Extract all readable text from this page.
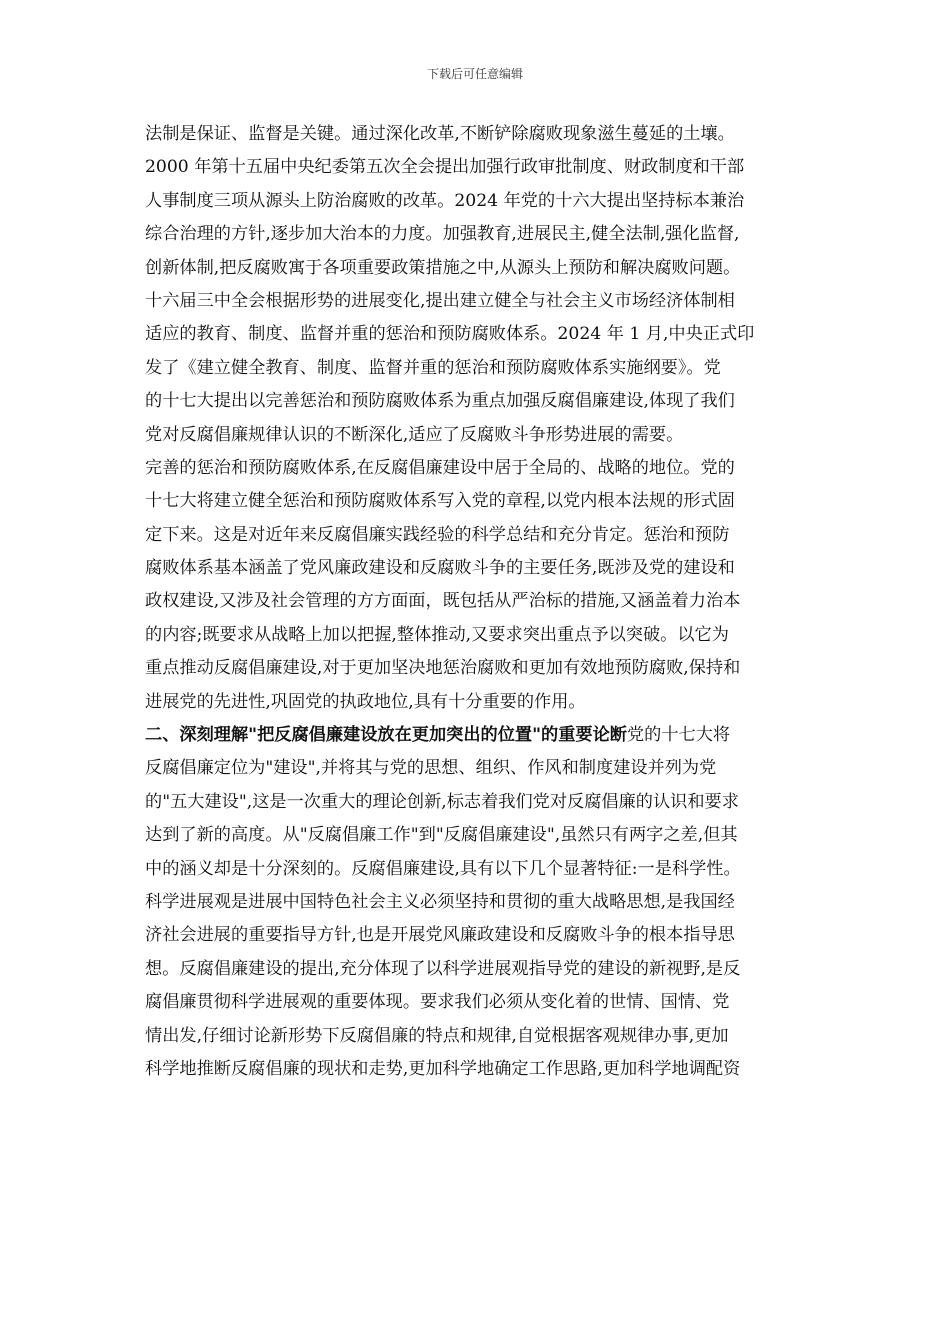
下载后可任意编辑
法制是保证、监督是关键。通过深化改革,不断铲除腐败现象滋生蔓延的土壤。
2000 年第十五届中央纪委第五次全会提出加强行政审批制度、财政制度和干部
人事制度三项从源头上防治腐败的改革。2024 年党的十六大提出坚持标本兼治
综合治理的方针,逐步加大治本的力度。加强教育,进展民主,健全法制,强化监督,
创新体制,把反腐败寓于各项重要政策措施之中,从源头上预防和解决腐败问题。
十六届三中全会根据形势的进展变化,提出建立健全与社会主义市场经济体制相
适应的教育、制度、监督并重的惩治和预防腐败体系。2024 年 1 月,中央正式印
发了《建立健全教育、制度、监督并重的惩治和预防腐败体系实施纲要》。党
的十七大提出以完善惩治和预防腐败体系为重点加强反腐倡廉建设,体现了我们
党对反腐倡廉规律认识的不断深化,适应了反腐败斗争形势进展的需要。
完善的惩治和预防腐败体系,在反腐倡廉建设中居于全局的、战略的地位。党的
十七大将建立健全惩治和预防腐败体系写入党的章程,以党内根本法规的形式固
定下来。这是对近年来反腐倡廉实践经验的科学总结和充分肯定。惩治和预防
腐败体系基本涵盖了党风廉政建设和反腐败斗争的主要任务,既涉及党的建设和
政权建设,又涉及社会管理的方方面面，既包括从严治标的措施,又涵盖着力治本
的内容;既要求从战略上加以把握,整体推动,又要求突出重点予以突破。以它为
重点推动反腐倡廉建设,对于更加坚决地惩治腐败和更加有效地预防腐败,保持和
进展党的先进性,巩固党的执政地位,具有十分重要的作用。
二、深刻理解"把反腐倡廉建设放在更加突出的位置"的重要论断党的十七大将
反腐倡廉定位为"建设",并将其与党的思想、组织、作风和制度建设并列为党
的"五大建设",这是一次重大的理论创新,标志着我们党对反腐倡廉的认识和要求
达到了新的高度。从"反腐倡廉工作"到"反腐倡廉建设",虽然只有两字之差,但其
中的涵义却是十分深刻的。反腐倡廉建设,具有以下几个显著特征:一是科学性。
科学进展观是进展中国特色社会主义必须坚持和贯彻的重大战略思想,是我国经
济社会进展的重要指导方针,也是开展党风廉政建设和反腐败斗争的根本指导思
想。反腐倡廉建设的提出,充分体现了以科学进展观指导党的建设的新视野,是反
腐倡廉贯彻科学进展观的重要体现。要求我们必须从变化着的世情、国情、党
情出发,仔细讨论新形势下反腐倡廉的特点和规律,自觉根据客观规律办事,更加
科学地推断反腐倡廉的现状和走势,更加科学地确定工作思路,更加科学地调配资
